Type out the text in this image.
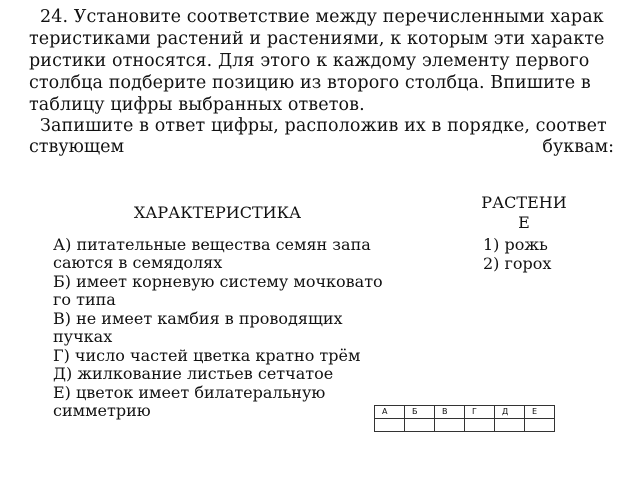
24. Установите соответствие между перечисленными харак
теристиками растений и растениями, к которым эти характе
ристики относятся. Для этого к каждому элементу первого
столбца подберите позицию из второго столбца. Впишите в
таблицу цифры выбранных ответов.
Запишите в ответ цифры, расположив их в порядке, соответ
ствующем	буквам:
ХАРАКТЕРИСТИКА
РАСТЕНИ
Е
А) питательные вещества семян запа
саются в семядолях
Б) имеет корневую систему мочковато
го типа
В) не имеет камбия в проводящих
пучках
Г) число частей цветка кратно трём
Д) жилкование листьев сетчатое
Е) цветок имеет билатеральную
симметрию
1) рожь
2) горох
А	Б	В	Г	Д	Е
